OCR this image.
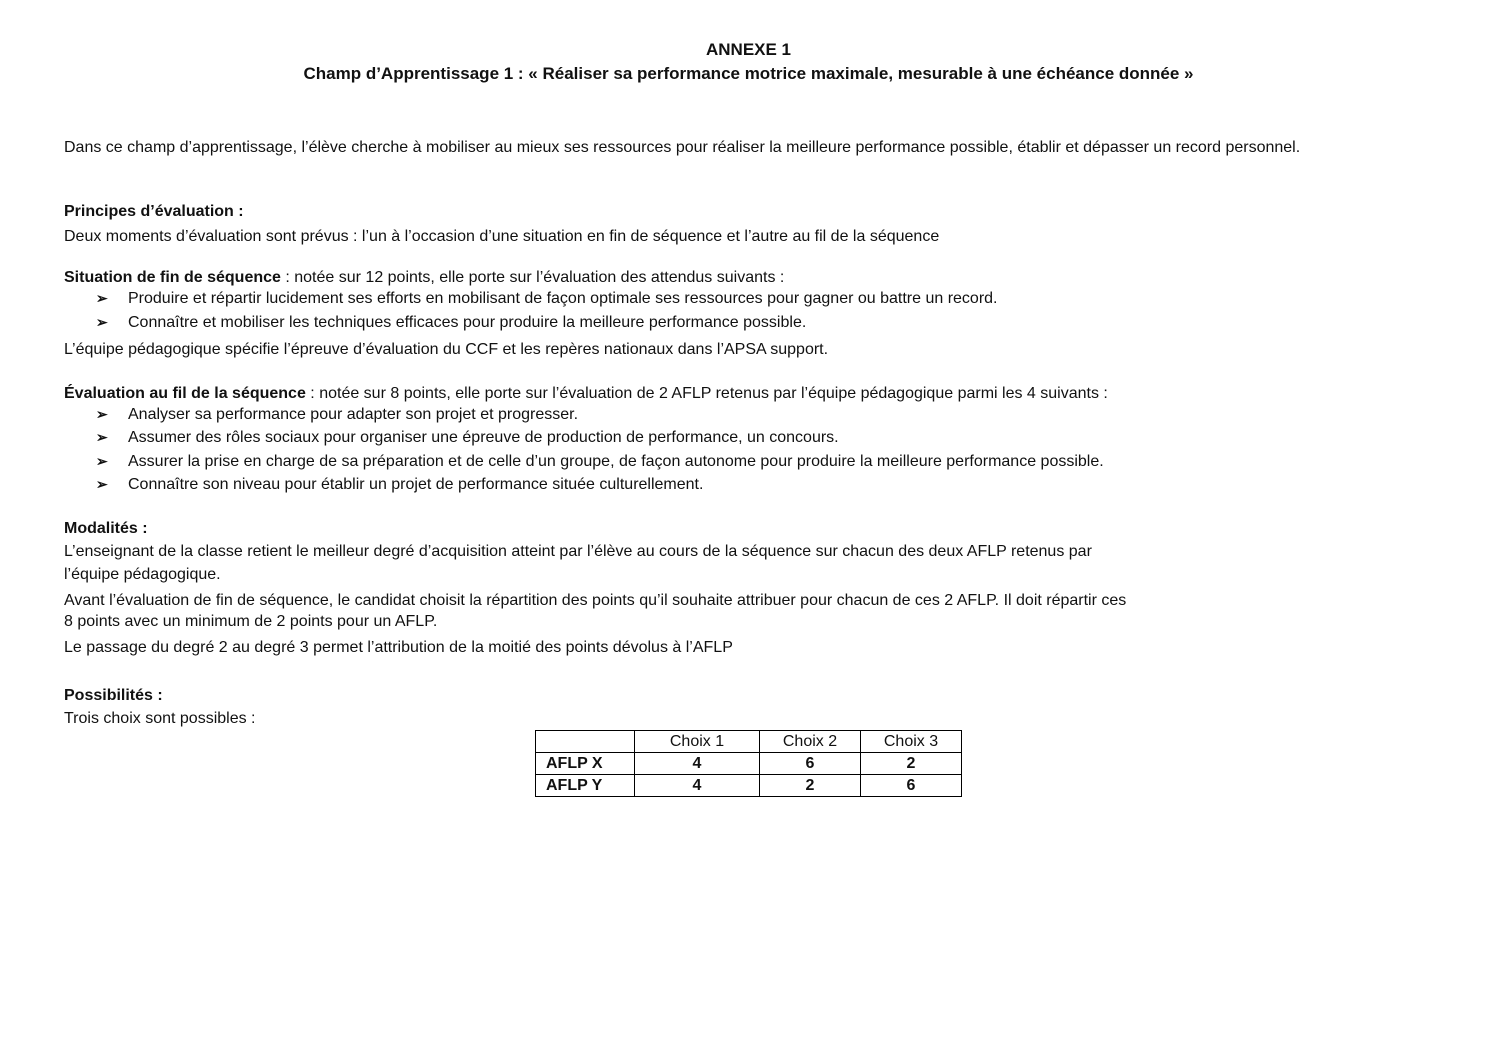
ANNEXE 1
Champ d’Apprentissage 1 : « Réaliser sa performance motrice maximale, mesurable à une échéance donnée »
Dans ce champ d’apprentissage, l’élève cherche à mobiliser au mieux ses ressources pour réaliser la meilleure performance possible, établir et dépasser un record personnel.
Principes d’évaluation :
Deux moments d’évaluation sont prévus : l’un à l’occasion d’une situation en fin de séquence et l’autre au fil de la séquence
Situation de fin de séquence : notée sur 12 points, elle porte sur l’évaluation des attendus suivants :
➢ Produire et répartir lucidement ses efforts en mobilisant de façon optimale ses ressources pour gagner ou battre un record.
➢ Connaître et mobiliser les techniques efficaces pour produire la meilleure performance possible.
L’équipe pédagogique spécifie l’épreuve d’évaluation du CCF et les repères nationaux dans l’APSA support.
Évaluation au fil de la séquence : notée sur 8 points, elle porte sur l’évaluation de 2 AFLP retenus par l’équipe pédagogique parmi les 4 suivants :
➢ Analyser sa performance pour adapter son projet et progresser.
➢ Assumer des rôles sociaux pour organiser une épreuve de production de performance, un concours.
➢ Assurer la prise en charge de sa préparation et de celle d’un groupe, de façon autonome pour produire la meilleure performance possible.
➢ Connaître son niveau pour établir un projet de performance située culturellement.
Modalités :
L’enseignant de la classe retient le meilleur degré d’acquisition atteint par l’élève au cours de la séquence sur chacun des deux AFLP retenus par
l’équipe pédagogique.
Avant l’évaluation de fin de séquence, le candidat choisit la répartition des points qu’il souhaite attribuer pour chacun de ces 2 AFLP. Il doit répartir ces
8 points avec un minimum de 2 points pour un AFLP.
Le passage du degré 2 au degré 3 permet l’attribution de la moitié des points dévolus à l’AFLP
Possibilités :
Trois choix sont possibles :
	Choix 1	Choix 2	Choix 3
AFLP X	4	6	2
AFLP Y	4	2	6
